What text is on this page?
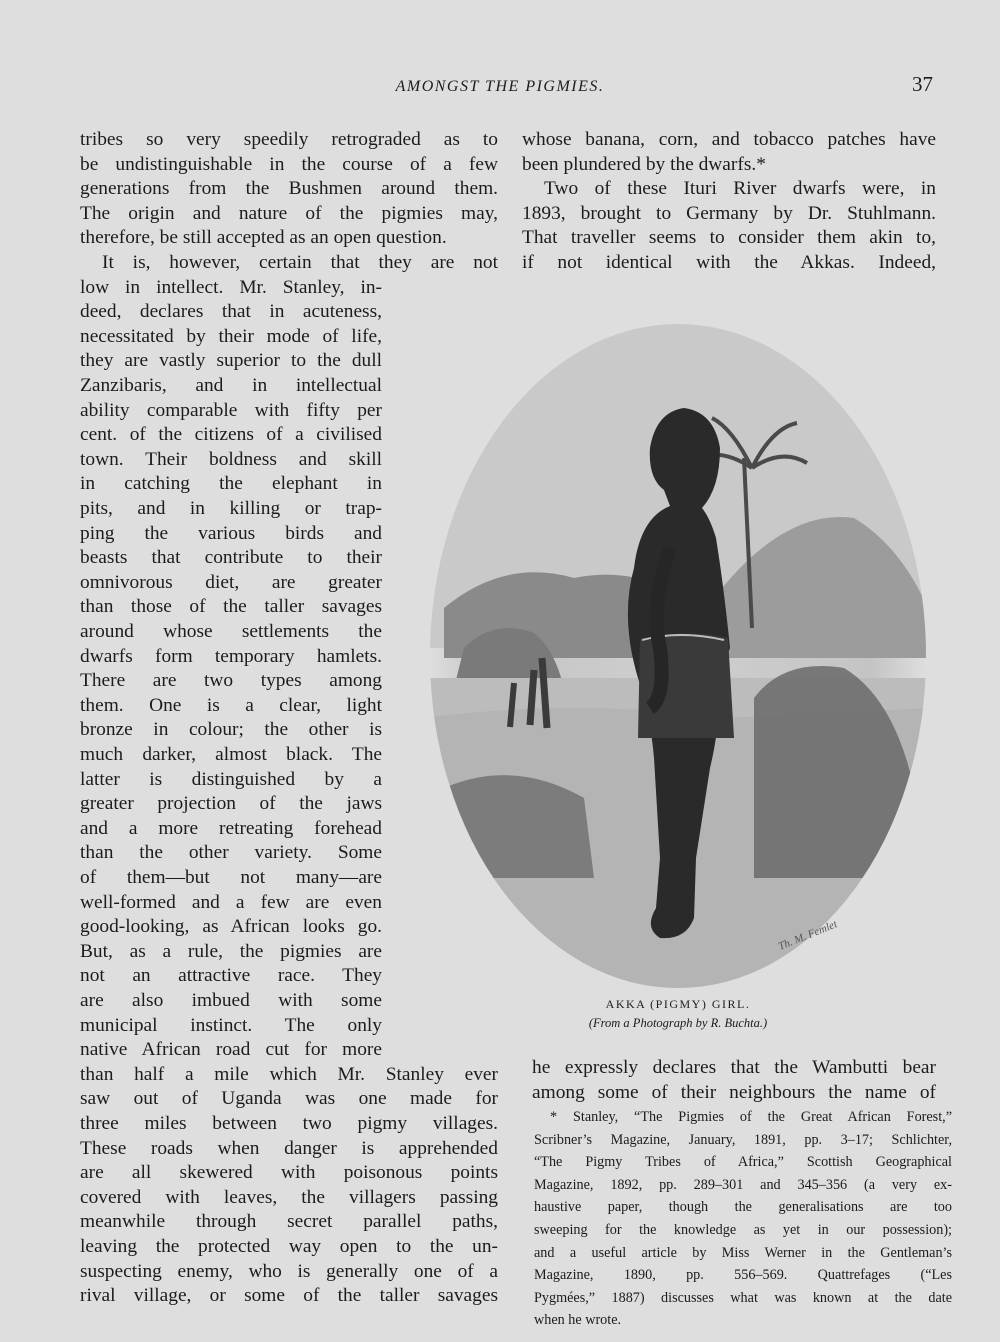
AMONGST THE PIGMIES.	37
tribes so very speedily retrograded as to
be undistinguishable in the course of a few
generations from the Bushmen around them.
The origin and nature of the pigmies may,
therefore, be still accepted as an open question.
It is, however, certain that they are not
low in intellect. Mr. Stanley, in-
deed, declares that in acuteness,
necessitated by their mode of life,
they are vastly superior to the dull
Zanzibaris, and in intellectual
ability comparable with fifty per
cent. of the citizens of a civilised
town. Their boldness and skill
in catching the elephant in
pits, and in killing or trap-
ping the various birds and
beasts that contribute to their
omnivorous diet, are greater
than those of the taller savages
around whose settlements the
dwarfs form temporary hamlets.
There are two types among
them. One is a clear, light
bronze in colour; the other is
much darker, almost black. The
latter is distinguished by a
greater projection of the jaws
and a more retreating forehead
than the other variety. Some
of them—but not many—are
well-formed and a few are even
good-looking, as African looks go.
But, as a rule, the pigmies are
not an attractive race. They
are also imbued with some
municipal instinct. The only
native African road cut for more
than half a mile which Mr. Stanley ever
saw out of Uganda was one made for
three miles between two pigmy villages.
These roads when danger is apprehended
are all skewered with poisonous points
covered with leaves, the villagers passing
meanwhile through secret parallel paths,
leaving the protected way open to the un-
suspecting enemy, who is generally one of a
rival village, or some of the taller savages
whose banana, corn, and tobacco patches have
been plundered by the dwarfs.*
Two of these Ituri River dwarfs were, in
1893, brought to Germany by Dr. Stuhlmann.
That traveller seems to consider them akin to,
if not identical with the Akkas. Indeed,
Th. M. Femlet
AKKA (PIGMY) GIRL.
(From a Photograph by R. Buchta.)
he expressly declares that the Wambutti bear
among some of their neighbours the name of
* Stanley, “The Pigmies of the Great African Forest,”
Scribner’s Magazine, January, 1891, pp. 3–17; Schlichter,
“The Pigmy Tribes of Africa,” Scottish Geographical
Magazine, 1892, pp. 289–301 and 345–356 (a very ex-
haustive paper, though the generalisations are too
sweeping for the knowledge as yet in our possession);
and a useful article by Miss Werner in the Gentleman’s
Magazine, 1890, pp. 556–569. Quattrefages (“Les
Pygmées,” 1887) discusses what was known at the date
when he wrote.
